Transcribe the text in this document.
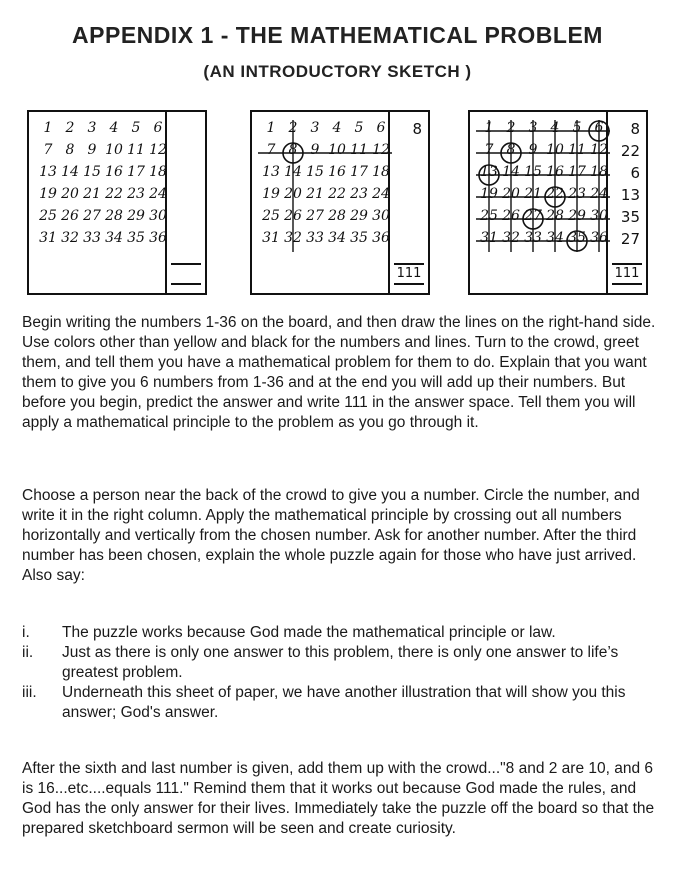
APPENDIX 1 - THE MATHEMATICAL PROBLEM
(AN INTRODUCTORY SKETCH )
1 2 3 4 5 6
7 8 9 10 11 12
13 14 15 16 17 18
19 20 21 22 23 24
25 26 27 28 29 30
31 32 33 34 35 36
1 2 3 4 5 6
7 8 9 10 11 12
13 14 15 16 17 18
19 20 21 22 23 24
25 26 27 28 29 30
31 32 33 34 35 36
8
111
1 2 3 4 5 6
7 8 9 10 11 12
13 14 15 16 17 18
19 20 21 22 23 24
25 26 27 28 29 30
31 32 33 34 35 36
8
22
6
13
35
27
111
Begin writing the numbers 1-36 on the board, and then draw the lines on the right-hand side. Use colors other than yellow and black for the numbers and lines. Turn to the crowd, greet them, and tell them you have a mathematical problem for them to do. Explain that you want them to give you 6 numbers from 1-36 and at the end you will add up their numbers. But before you begin, predict the answer and write 111 in the answer space. Tell them you will apply a mathematical principle to the problem as you go through it.
Choose a person near the back of the crowd to give you a number. Circle the number, and write it in the right column. Apply the mathematical principle by crossing out all numbers horizontally and vertically from the chosen number. Ask for another number. After the third number has been chosen, explain the whole puzzle again for those who have just arrived. Also say:
i. The puzzle works because God made the mathematical principle or law.
ii. Just as there is only one answer to this problem, there is only one answer to life’s greatest problem.
iii. Underneath this sheet of paper, we have another illustration that will show you this answer; God's answer.
After the sixth and last number is given, add them up with the crowd..."8 and 2 are 10, and 6 is 16...etc....equals 111." Remind them that it works out because God made the rules, and God has the only answer for their lives. Immediately take the puzzle off the board so that the prepared sketchboard sermon will be seen and create curiosity.
